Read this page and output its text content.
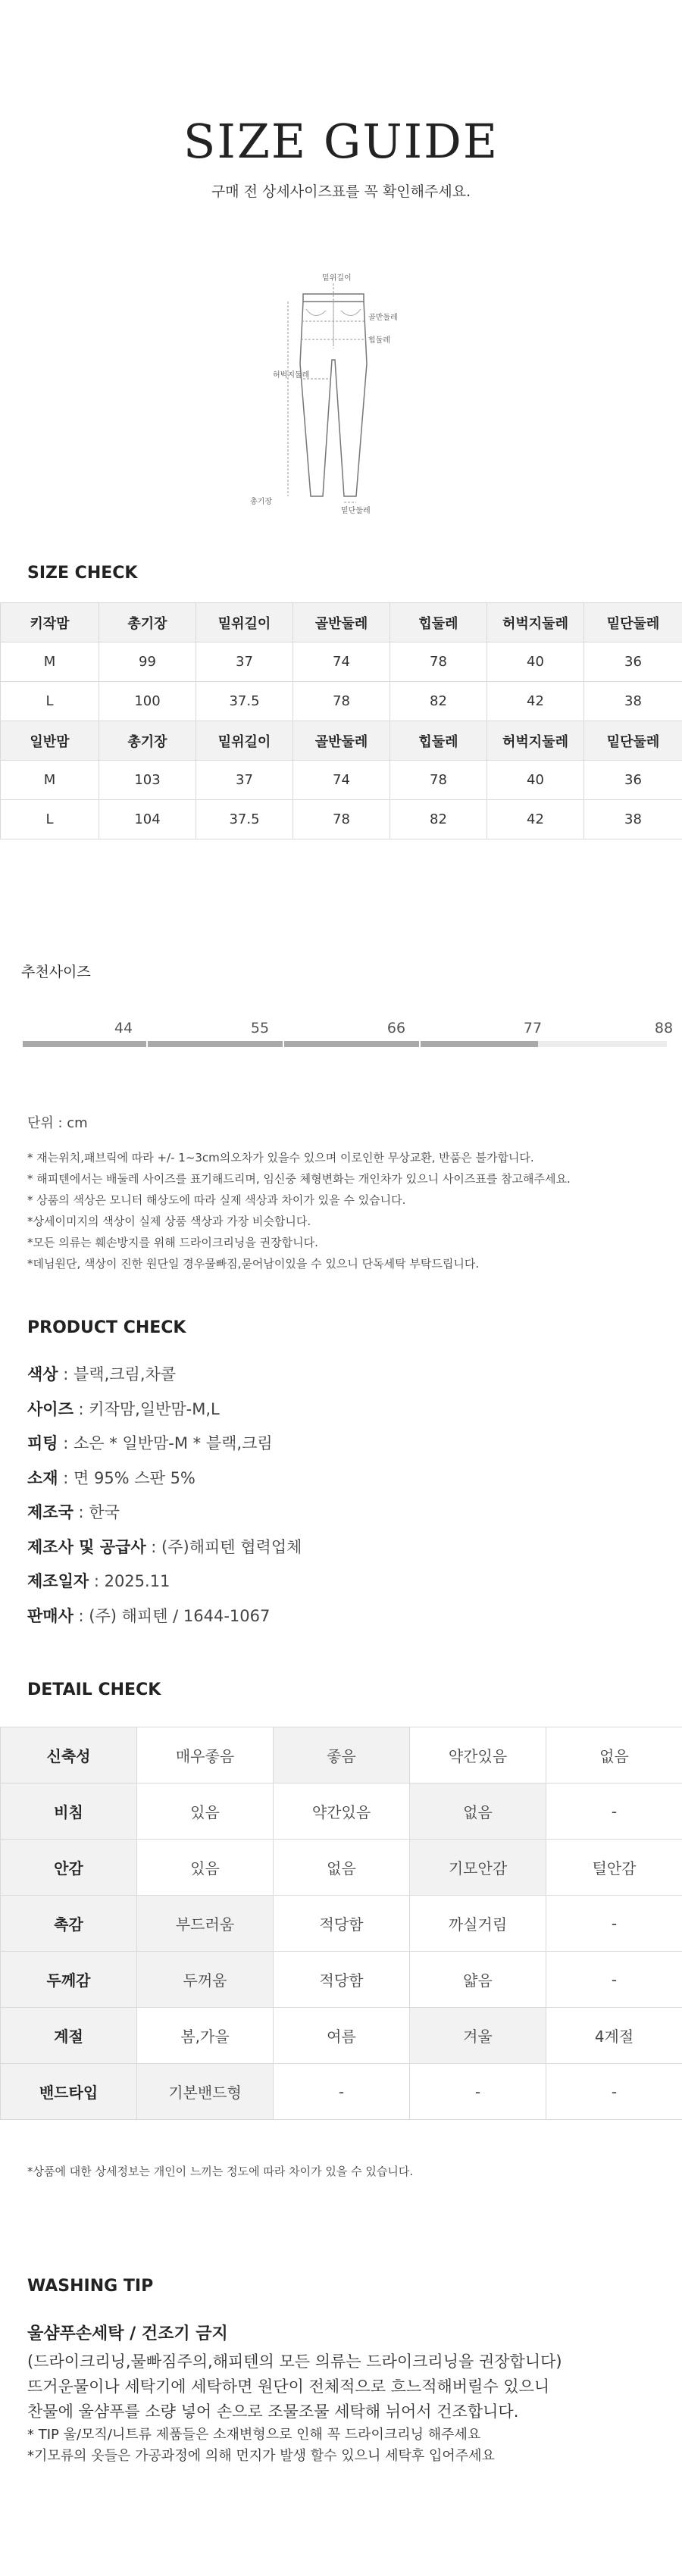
SIZE GUIDE
구매 전 상세사이즈표를 꼭 확인해주세요.
밑위길이
골반둘레
힙둘레
허벅지둘레
총기장
밑단둘레
SIZE CHECK
키작맘	총기장	밑위길이	골반둘레	힙둘레	허벅지둘레	밑단둘레
M	99	37	74	78	40	36
L	100	37.5	78	82	42	38
일반맘	총기장	밑위길이	골반둘레	힙둘레	허벅지둘레	밑단둘레
M	103	37	74	78	40	36
L	104	37.5	78	82	42	38
추천사이즈
44	55	66	77	88
단위 : cm
* 재는위치,패브릭에 따라 +/- 1~3cm의오차가 있을수 있으며 이로인한 무상교환, 반품은 불가합니다.
* 해피텐에서는 배둘레 사이즈를 표기해드리며, 임신중 체형변화는 개인차가 있으니 사이즈표를 참고해주세요.
* 상품의 색상은 모니터 해상도에 따라 실제 색상과 차이가 있을 수 있습니다.
*상세이미지의 색상이 실제 상품 색상과 가장 비슷합니다.
*모든 의류는 훼손방지를 위해 드라이크리닝을 권장합니다.
*데님원단, 색상이 진한 원단일 경우물빠짐,묻어남이있을 수 있으니 단독세탁 부탁드립니다.
PRODUCT CHECK
색상 : 블랙,크림,차콜
사이즈 : 키작맘,일반맘-M,L
피팅 : 소은 * 일반맘-M * 블랙,크림
소재 : 면 95% 스판 5%
제조국 : 한국
제조사 및 공급사 : (주)해피텐 협력업체
제조일자 : 2025.11
판매사 : (주) 해피텐 / 1644-1067
DETAIL CHECK
신축성	매우좋음	좋음	약간있음	없음
비침	있음	약간있음	없음	-
안감	있음	없음	기모안감	털안감
촉감	부드러움	적당함	까실거림	-
두께감	두꺼움	적당함	얇음	-
계절	봄,가을	여름	겨울	4계절
밴드타입	기본밴드형	-	-	-
*상품에 대한 상세정보는 개인이 느끼는 정도에 따라 차이가 있을 수 있습니다.
WASHING TIP
울샴푸손세탁 / 건조기 금지
(드라이크리닝,물빠짐주의,해피텐의 모든 의류는 드라이크리닝을 권장합니다)
뜨거운물이나 세탁기에 세탁하면 원단이 전체적으로 흐느적해버릴수 있으니
찬물에 울샴푸를 소량 넣어 손으로 조물조물 세탁해 뉘어서 건조합니다.
* TIP 울/모직/니트류 제품들은 소재변형으로 인해 꼭 드라이크리닝 해주세요
*기모류의 옷들은 가공과정에 의해 먼지가 발생 할수 있으니 세탁후 입어주세요
